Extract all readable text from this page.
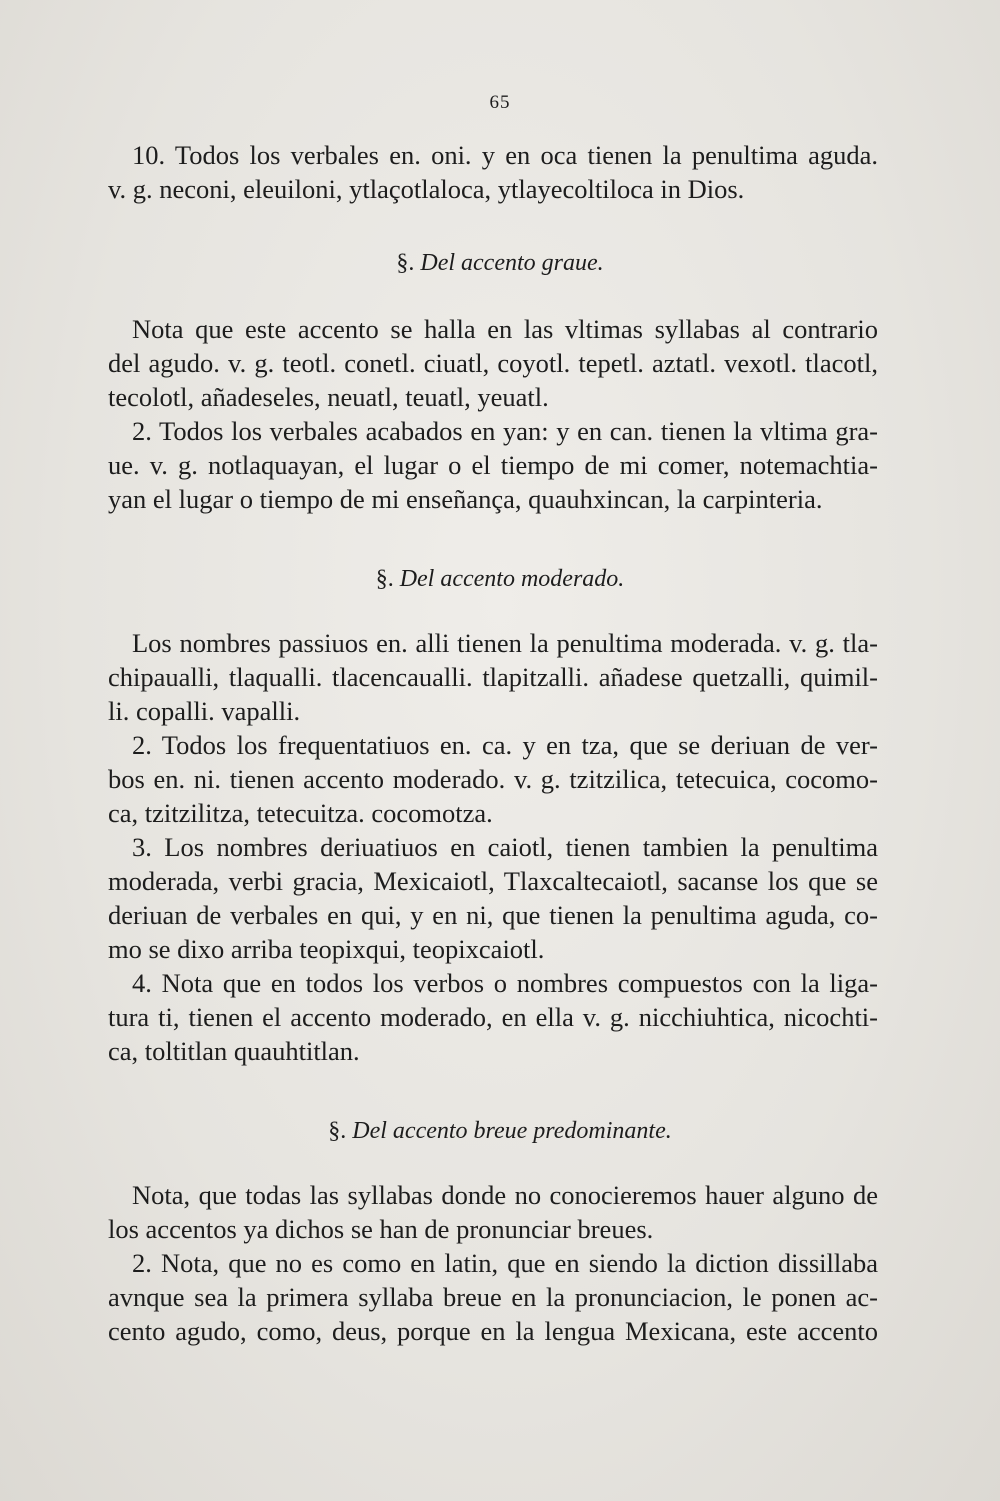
65
10. Todos los verbales en. oni. y en oca tienen la penultima aguda.
v. g. neconi, eleuiloni, ytlaçotlaloca, ytlayecoltiloca in Dios.
§. Del accento graue.
Nota que este accento se halla en las vltimas syllabas al contrario
del agudo. v. g. teotl. conetl. ciuatl, coyotl. tepetl. aztatl. vexotl. tlacotl,
tecolotl, añadeseles, neuatl, teuatl, yeuatl.
2. Todos los verbales acabados en yan: y en can. tienen la vltima gra-
ue. v. g. notlaquayan, el lugar o el tiempo de mi comer, notemachtia-
yan el lugar o tiempo de mi enseñança, quauhxincan, la carpinteria.
§. Del accento moderado.
Los nombres passiuos en. alli tienen la penultima moderada. v. g. tla-
chipaualli, tlaqualli. tlacencaualli. tlapitzalli. añadese quetzalli, quimil-
li. copalli. vapalli.
2. Todos los frequentatiuos en. ca. y en tza, que se deriuan de ver-
bos en. ni. tienen accento moderado. v. g. tzitzilica, tetecuica, cocomo-
ca, tzitzilitza, tetecuitza. cocomotza.
3. Los nombres deriuatiuos en caiotl, tienen tambien la penultima
moderada, verbi gracia, Mexicaiotl, Tlaxcaltecaiotl, sacanse los que se
deriuan de verbales en qui, y en ni, que tienen la penultima aguda, co-
mo se dixo arriba teopixqui, teopixcaiotl.
4. Nota que en todos los verbos o nombres compuestos con la liga-
tura ti, tienen el accento moderado, en ella v. g. nicchiuhtica, nicochti-
ca, toltitlan quauhtitlan.
§. Del accento breue predominante.
Nota, que todas las syllabas donde no conocieremos hauer alguno de
los accentos ya dichos se han de pronunciar breues.
2. Nota, que no es como en latin, que en siendo la diction dissillaba
avnque sea la primera syllaba breue en la pronunciacion, le ponen ac-
cento agudo, como, deus, porque en la lengua Mexicana, este accento
